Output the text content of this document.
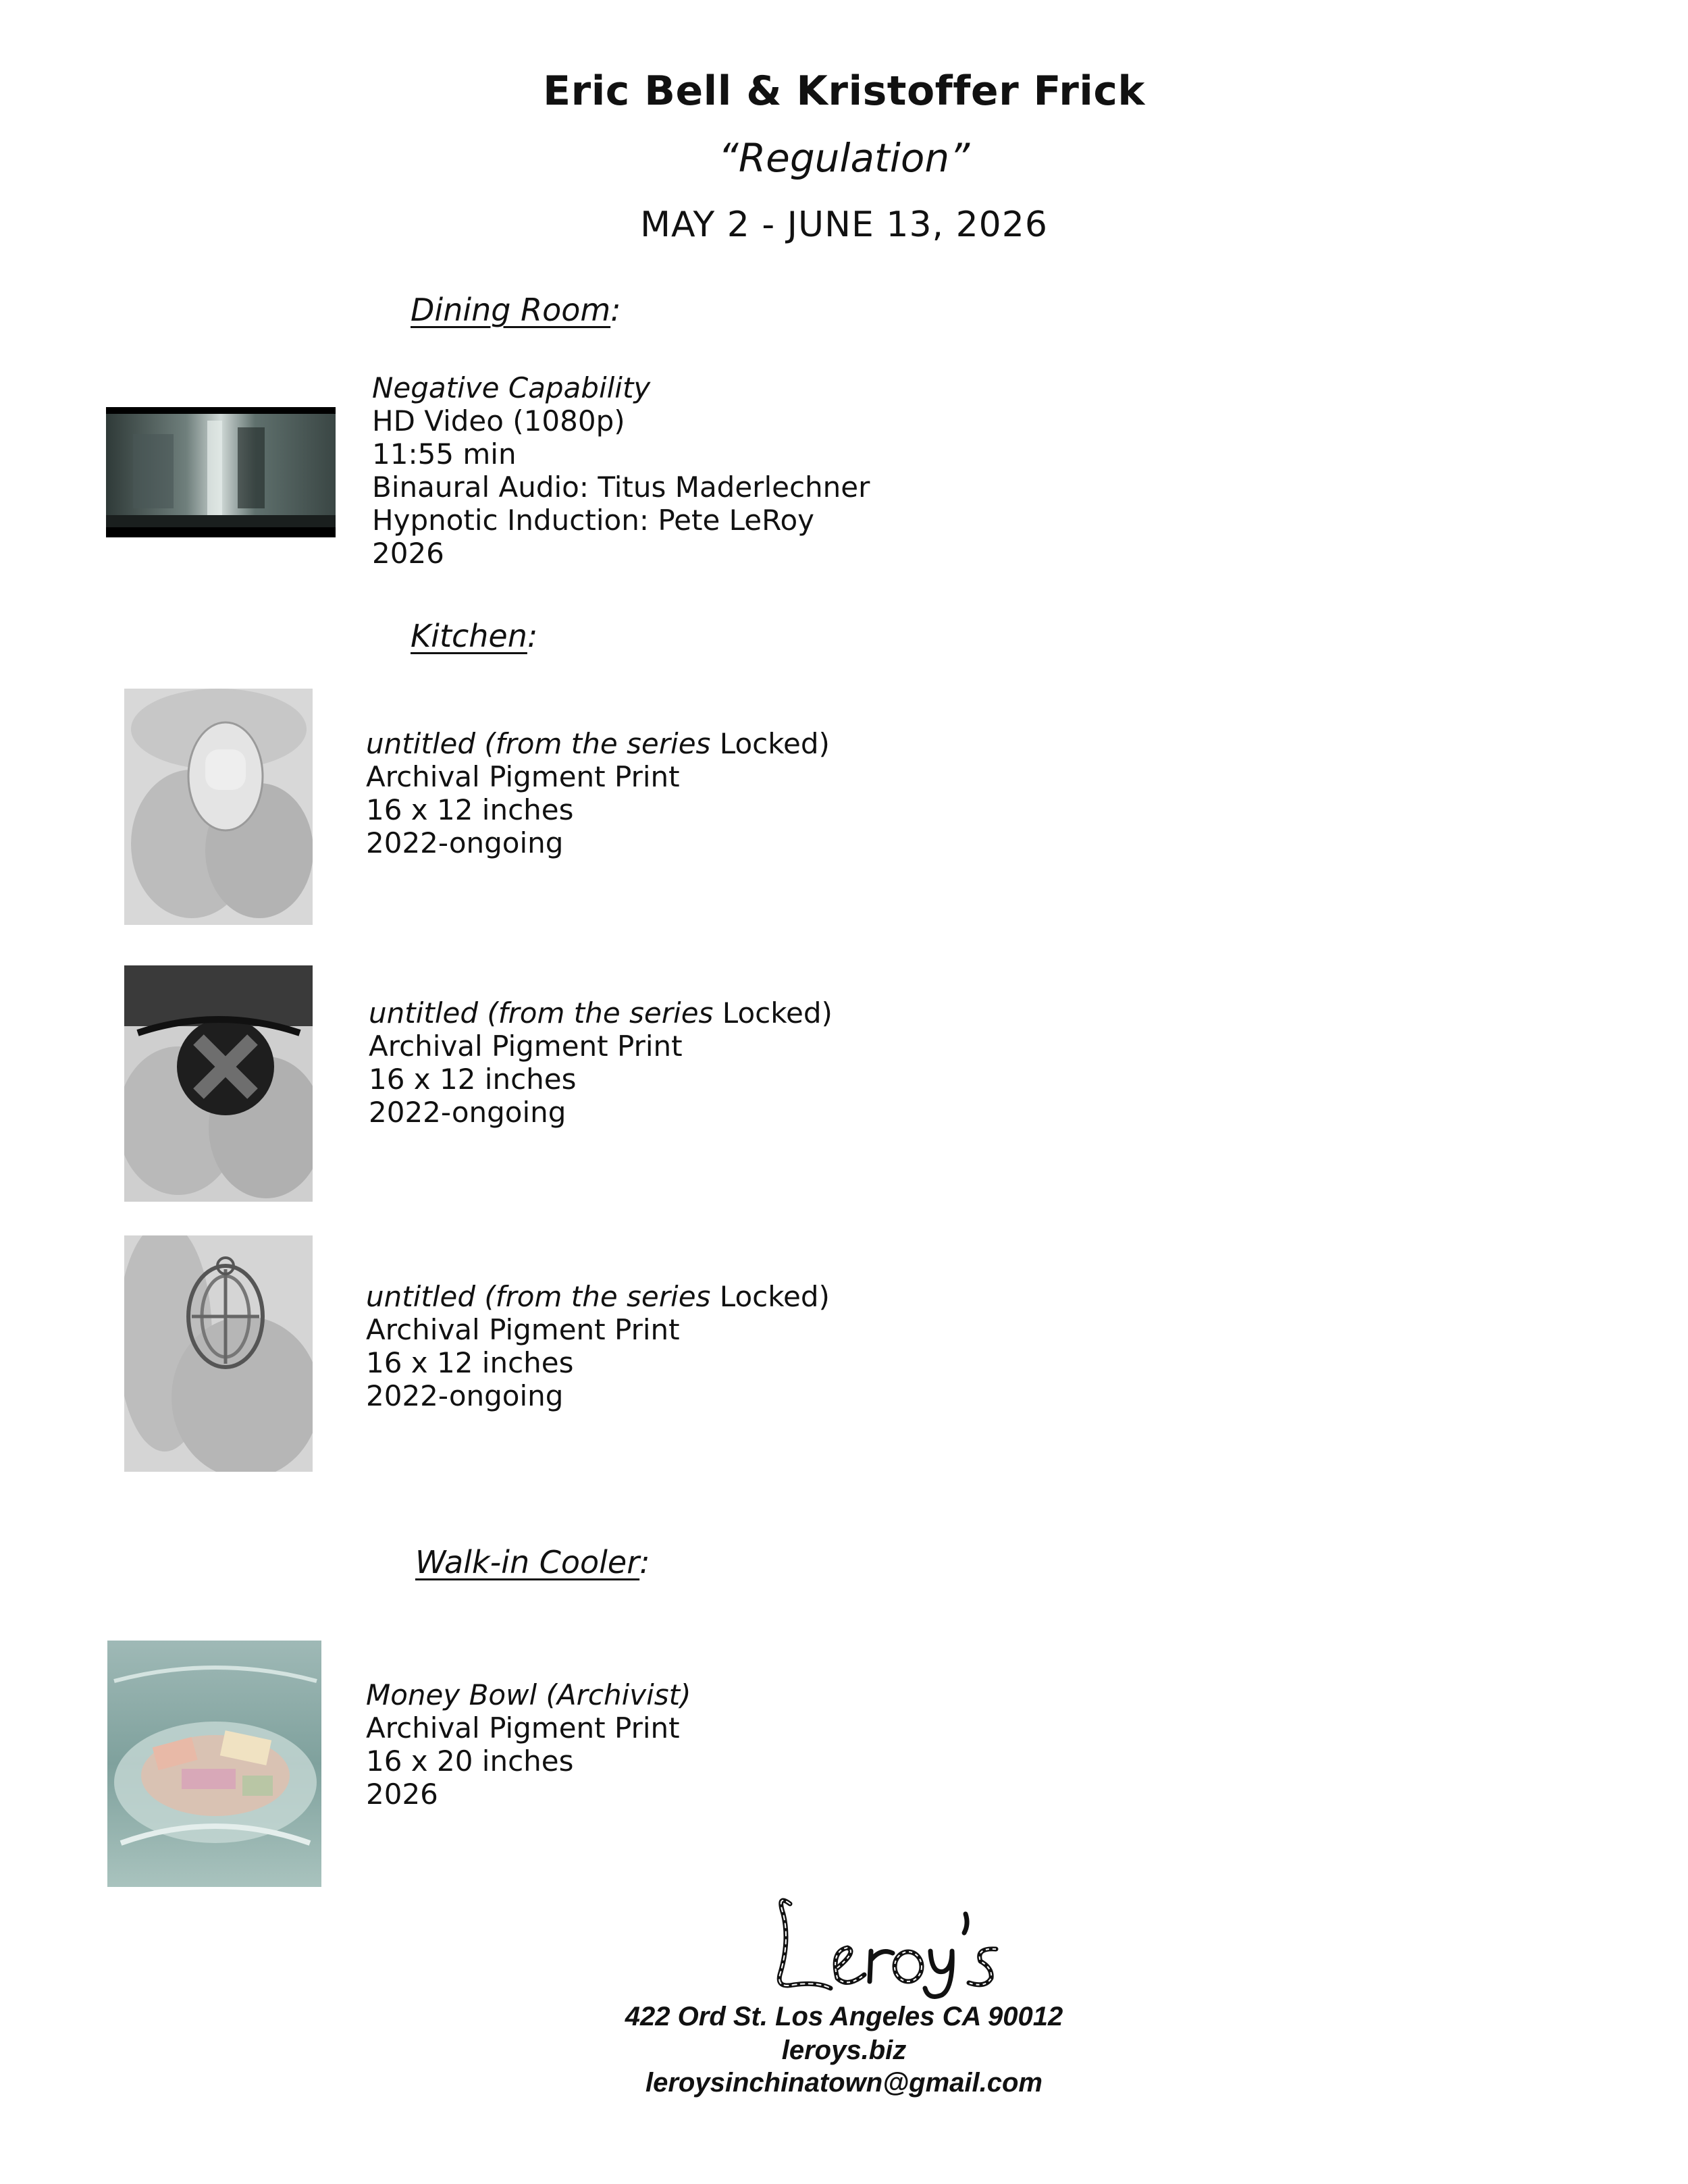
Eric Bell & Kristoffer Frick
“Regulation”
MAY 2 - JUNE 13, 2026
Dining Room:
Negative Capability
HD Video (1080p)
11:55 min
Binaural Audio: Titus Maderlechner
Hypnotic Induction: Pete LeRoy
2026
Kitchen:
untitled (from the series Locked)
Archival Pigment Print
16 x 12 inches
2022-ongoing
untitled (from the series Locked)
Archival Pigment Print
16 x 12 inches
2022-ongoing
untitled (from the series Locked)
Archival Pigment Print
16 x 12 inches
2022-ongoing
Walk-in Cooler:
Money Bowl (Archivist)
Archival Pigment Print
16 x 20 inches
2026
422 Ord St. Los Angeles CA 90012
leroys.biz
leroysinchinatown@gmail.com
